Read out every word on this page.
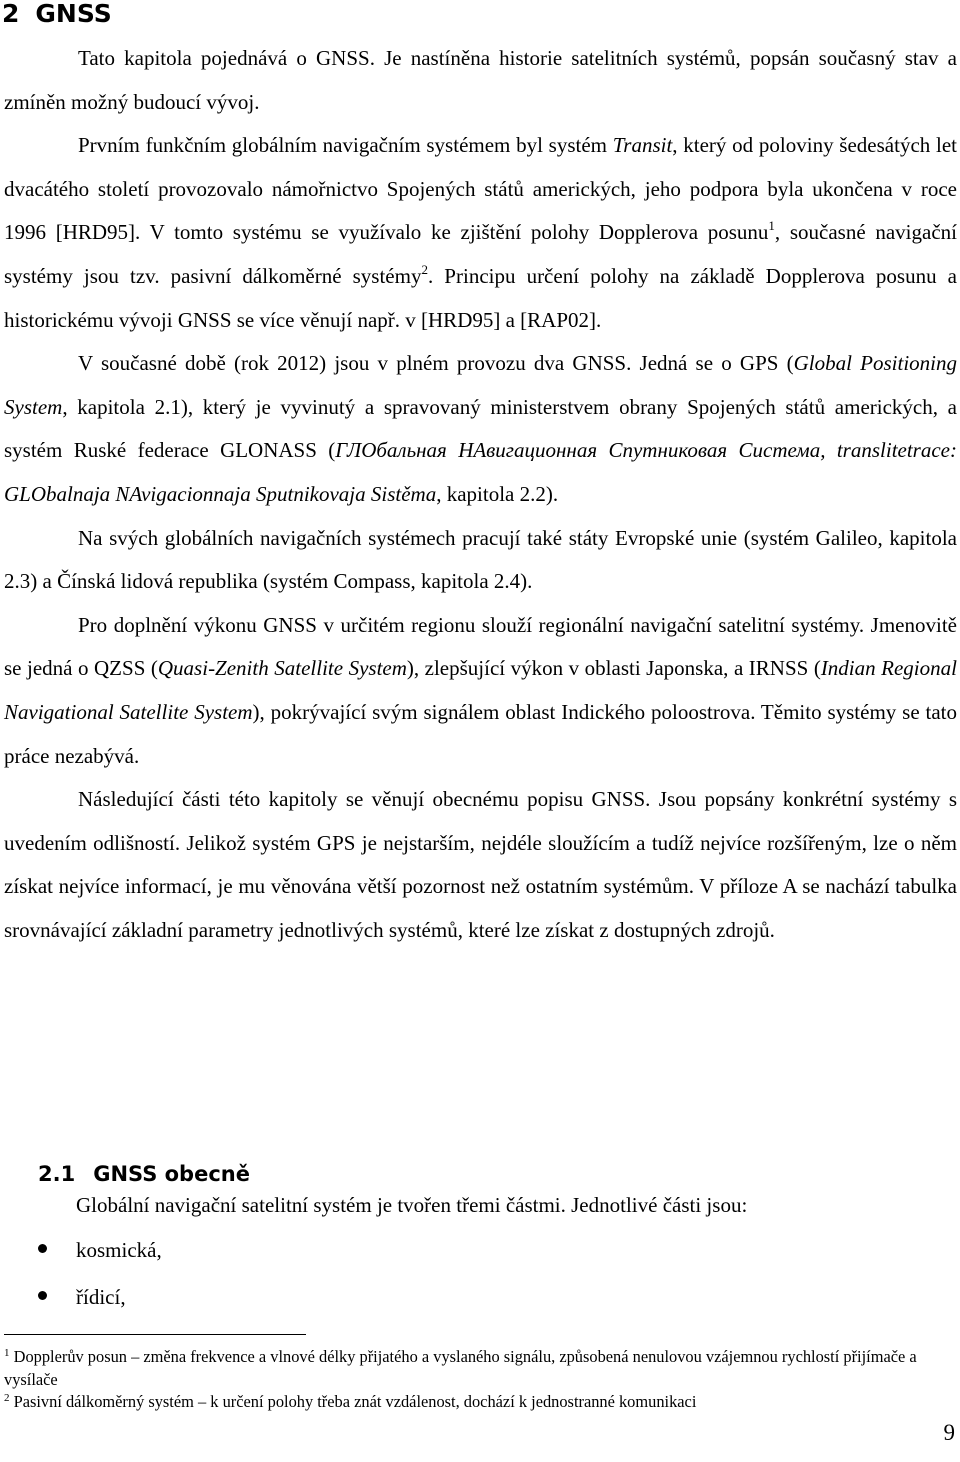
2 GNSS

Tato kapitola pojednává o GNSS. Je nastíněna historie satelitních systémů, popsán současný stav a zmíněn možný budoucí vývoj.

Prvním funkčním globálním navigačním systémem byl systém Transit, který od poloviny šedesátých let dvacátého století provozovalo námořnictvo Spojených států amerických, jeho podpora byla ukončena v roce 1996 [HRD95]. V tomto systému se využívalo ke zjištění polohy Dopplerova posunu$^1$, současné navigační systémy jsou tzv. pasivní dálkoměrné systémy$^2$. Principu určení polohy na základě Dopplerova posunu a historickému vývoji GNSS se více věnují např. v [HRD95] a [RAP02].

V současné době (rok 2012) jsou v plném provozu dva GNSS. Jedná se o GPS (Global Positioning System, kapitola 2.1), který je vyvinutý a spravovaný ministerstvem obrany Spojených států amerických, a systém Ruské federace GLONASS (ГЛОбальная НАвигационная Спутниковая Система, translitetrace: GLObalnaja NAvigacionnaja Sputnikovaja Sistěma, kapitola 2.2).

Na svých globálních navigačních systémech pracují také státy Evropské unie (systém Galileo, kapitola 2.3) a Čínská lidová republika (systém Compass, kapitola 2.4).

Pro doplnění výkonu GNSS v určitém regionu slouží regionální navigační satelitní systémy. Jmenovitě se jedná o QZSS (Quasi-Zenith Satellite System), zlepšující výkon v oblasti Japonska, a IRNSS (Indian Regional Navigational Satellite System), pokrývající svým signálem oblast Indického poloostrova. Těmito systémy se tato práce nezabývá.

Následující části této kapitoly se věnují obecnému popisu GNSS. Jsou popsány konkrétní systémy s uvedením odlišností. Jelikož systém GPS je nejstarším, nejdéle sloužícím a tudíž nejvíce rozšířeným, lze o něm získat nejvíce informací, je mu věnována větší pozornost než ostatním systémům. V příloze A se nachází tabulka srovnávající základní parametry jednotlivých systémů, které lze získat z dostupných zdrojů.

2.1 GNSS obecně

Globální navigační satelitní systém je tvořen třemi částmi. Jednotlivé části jsou:

kosmická,
řídicí,

$^1$ Dopplerův posun – změna frekvence a vlnové délky přijatého a vyslaného signálu, způsobená nenulovou vzájemnou rychlostí přijímače a vysílače

$^2$ Pasivní dálkoměrný systém – k určení polohy třeba znát vzdálenost, dochází k jednostranné komunikaci

9
